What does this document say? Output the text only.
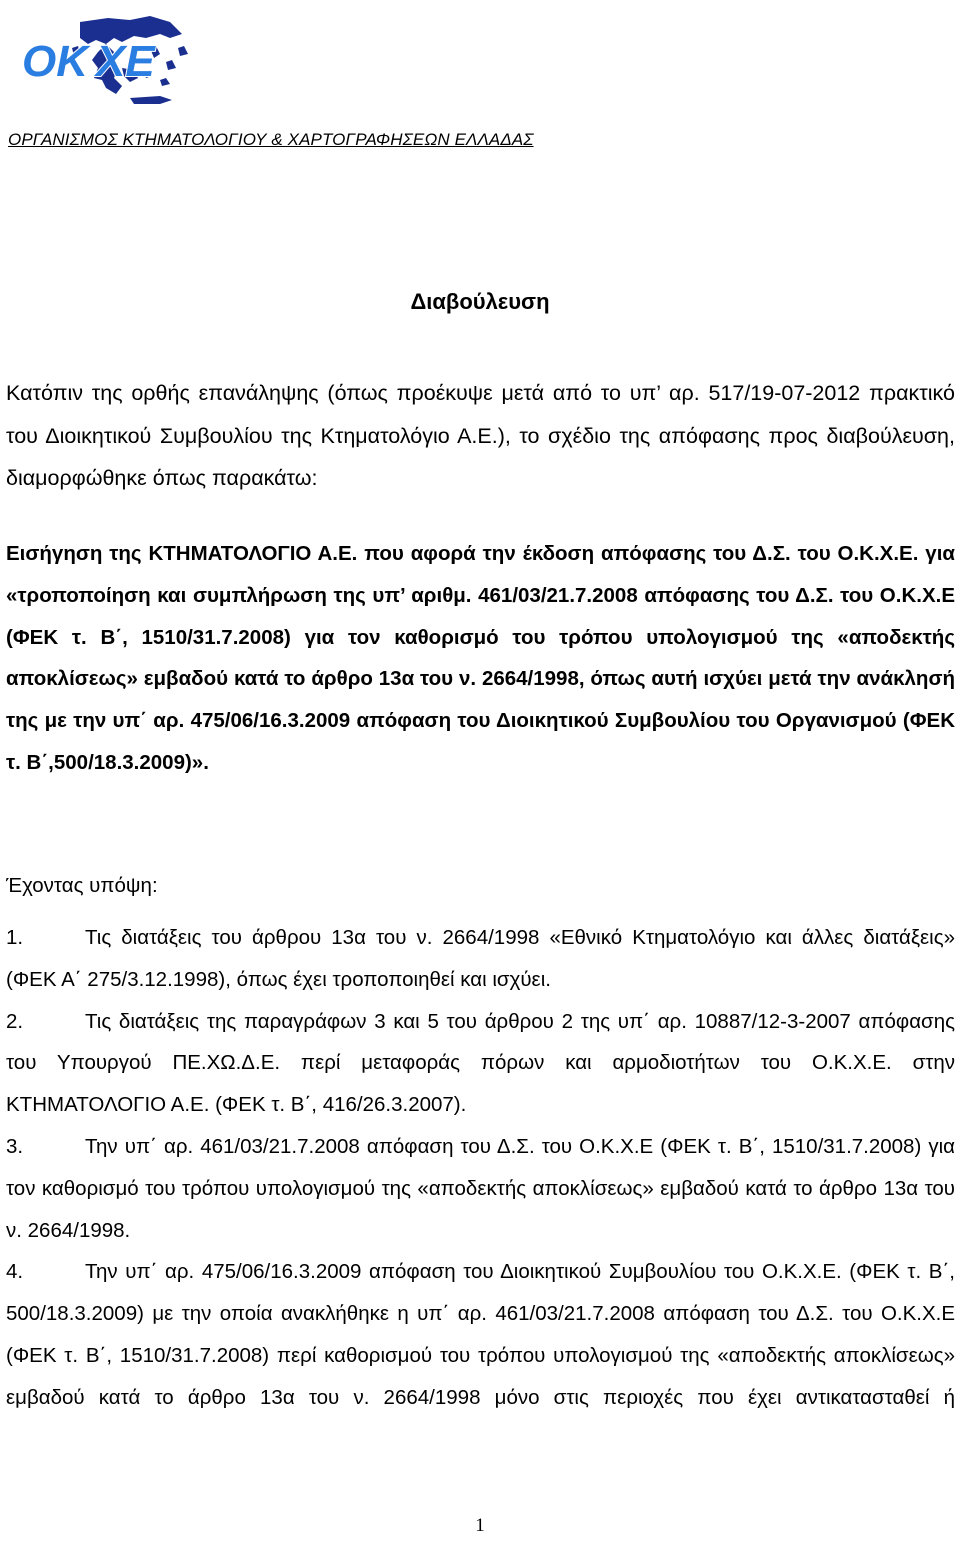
ΟΚ ΧΕ
ΟΡΓΑΝΙΣΜΟΣ ΚΤΗΜΑΤΟΛΟΓΙΟΥ & ΧΑΡΤΟΓΡΑΦΗΣΕΩΝ ΕΛΛΑΔΑΣ
Διαβούλευση
Κατόπιν της ορθής επανάληψης (όπως προέκυψε μετά από το υπ’ αρ. 517/19-07-2012 πρακτικό του Διοικητικού Συμβουλίου της Κτηματολόγιο Α.Ε.), το σχέδιο της απόφασης προς διαβούλευση, διαμορφώθηκε όπως παρακάτω:
Εισήγηση της ΚΤΗΜΑΤΟΛΟΓΙΟ Α.Ε. που αφορά την έκδοση απόφασης του Δ.Σ. του Ο.Κ.Χ.Ε. για «τροποποίηση και συμπλήρωση της υπ’ αριθμ. 461/03/21.7.2008 απόφασης του Δ.Σ. του Ο.Κ.Χ.Ε (ΦΕΚ τ. Β΄, 1510/31.7.2008) για τον καθορισμό του τρόπου υπολογισμού της «αποδεκτής αποκλίσεως» εμβαδού κατά το άρθρο 13α του ν. 2664/1998, όπως αυτή ισχύει μετά την ανάκλησή της με την υπ΄ αρ. 475/06/16.3.2009 απόφαση του Διοικητικού Συμβουλίου του Οργανισμού (ΦΕΚ τ. Β΄,500/18.3.2009)».
Έχοντας υπόψη:
1.	Τις διατάξεις του άρθρου 13α του ν. 2664/1998 «Εθνικό Κτηματολόγιο και άλλες διατάξεις» (ΦΕΚ Α΄ 275/3.12.1998), όπως έχει τροποποιηθεί και ισχύει.
2.	Τις διατάξεις της παραγράφων 3 και 5 του άρθρου 2 της υπ΄ αρ. 10887/12-3-2007 απόφασης του Υπουργού ΠΕ.ΧΩ.Δ.Ε. περί μεταφοράς πόρων και αρμοδιοτήτων του Ο.Κ.Χ.Ε. στην ΚΤΗΜΑΤΟΛΟΓΙΟ Α.Ε. (ΦΕΚ τ. Β΄, 416/26.3.2007).
3.	Την υπ΄ αρ. 461/03/21.7.2008 απόφαση του Δ.Σ. του Ο.Κ.Χ.Ε (ΦΕΚ τ. Β΄, 1510/31.7.2008) για τον καθορισμό του τρόπου υπολογισμού της «αποδεκτής αποκλίσεως» εμβαδού κατά το άρθρο 13α του ν. 2664/1998.
4.	Την υπ΄ αρ. 475/06/16.3.2009 απόφαση του Διοικητικού Συμβουλίου του Ο.Κ.Χ.Ε. (ΦΕΚ τ. Β΄, 500/18.3.2009) με την οποία ανακλήθηκε η υπ΄ αρ. 461/03/21.7.2008 απόφαση του Δ.Σ. του Ο.Κ.Χ.Ε (ΦΕΚ τ. Β΄, 1510/31.7.2008) περί καθορισμού του τρόπου υπολογισμού της «αποδεκτής αποκλίσεως» εμβαδού κατά το άρθρο 13α του ν. 2664/1998 μόνο στις περιοχές που έχει αντικατασταθεί ή
1
